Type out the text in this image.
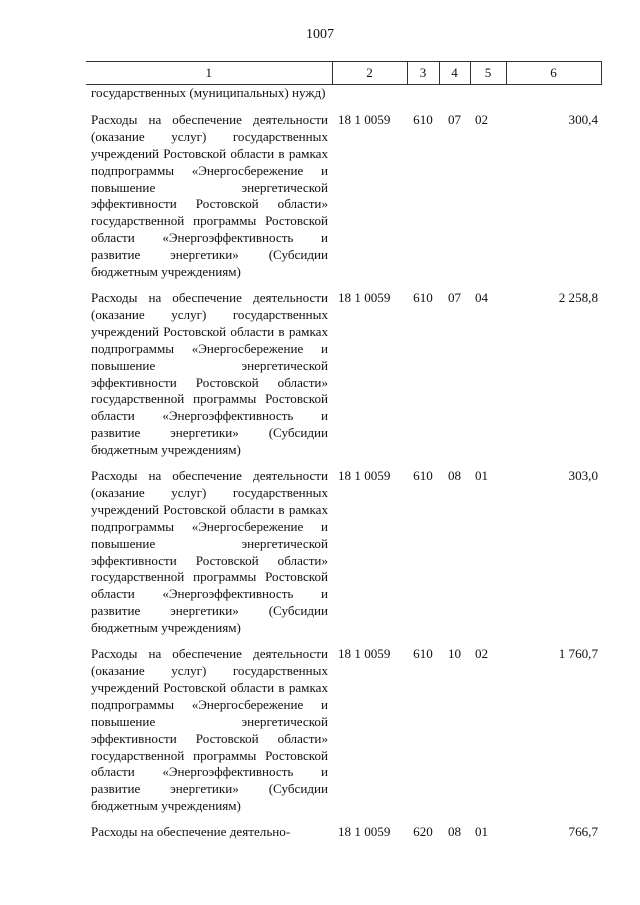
1007
1	2	3	4	5	6
государственных (муниципальных) нужд)					
Расходы на обеспечение деятельности (оказание услуг) государственных учреждений Ростовской области в рамках подпрограммы «Энергосбережение и повышение энергетической эффективности Ростовской области» государственной программы Ростовской области «Энергоэффективность и развитие энергетики» (Субсидии бюджетным учреждениям)	18 1 0059	610	07	02	300,4
Расходы на обеспечение деятельности (оказание услуг) государственных учреждений Ростовской области в рамках подпрограммы «Энергосбережение и повышение энергетической эффективности Ростовской области» государственной программы Ростовской области «Энергоэффективность и развитие энергетики» (Субсидии бюджетным учреждениям)	18 1 0059	610	07	04	2 258,8
Расходы на обеспечение деятельности (оказание услуг) государственных учреждений Ростовской области в рамках подпрограммы «Энергосбережение и повышение энергетической эффективности Ростовской области» государственной программы Ростовской области «Энергоэффективность и развитие энергетики» (Субсидии бюджетным учреждениям)	18 1 0059	610	08	01	303,0
Расходы на обеспечение деятельности (оказание услуг) государственных учреждений Ростовской области в рамках подпрограммы «Энергосбережение и повышение энергетической эффективности Ростовской области» государственной программы Ростовской области «Энергоэффективность и развитие энергетики» (Субсидии бюджетным учреждениям)	18 1 0059	610	10	02	1 760,7
Расходы на обеспечение деятельно-	18 1 0059	620	08	01	766,7
